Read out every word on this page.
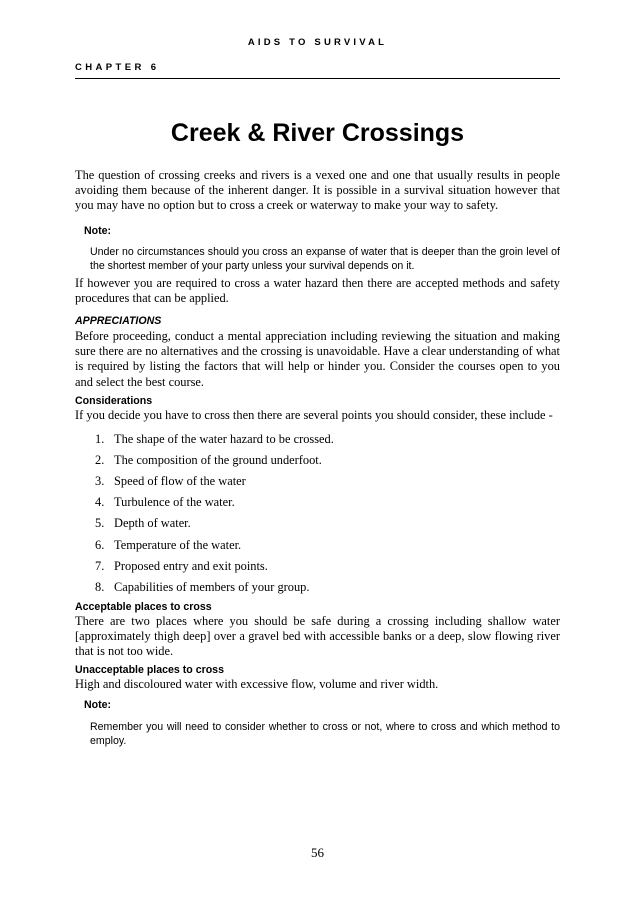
AIDS TO SURVIVAL
CHAPTER 6
Creek & River Crossings

The question of crossing creeks and rivers is a vexed one and one that usually results in people avoiding them because of the inherent danger. It is possible in a survival situation however that you may have no option but to cross a creek or waterway to make your way to safety.

Note:

Under no circumstances should you cross an expanse of water that is deeper than the groin level of the shortest member of your party unless your survival depends on it.

If however you are required to cross a water hazard then there are accepted methods and safety procedures that can be applied.

APPRECIATIONS

Before proceeding, conduct a mental appreciation including reviewing the situation and making sure there are no alternatives and the crossing is unavoidable. Have a clear understanding of what is required by listing the factors that will help or hinder you. Consider the courses open to you and select the best course.

Considerations

If you decide you have to cross then there are several points you should consider, these include -

1. The shape of the water hazard to be crossed.
2. The composition of the ground underfoot.
3. Speed of flow of the water
4. Turbulence of the water.
5. Depth of water.
6. Temperature of the water.
7. Proposed entry and exit points.
8. Capabilities of members of your group.

Acceptable places to cross

There are two places where you should be safe during a crossing including shallow water [approximately thigh deep] over a gravel bed with accessible banks or a deep, slow flowing river that is not too wide.

Unacceptable places to cross

High and discoloured water with excessive flow, volume and river width.

Note:

Remember you will need to consider whether to cross or not, where to cross and which method to employ.

56
